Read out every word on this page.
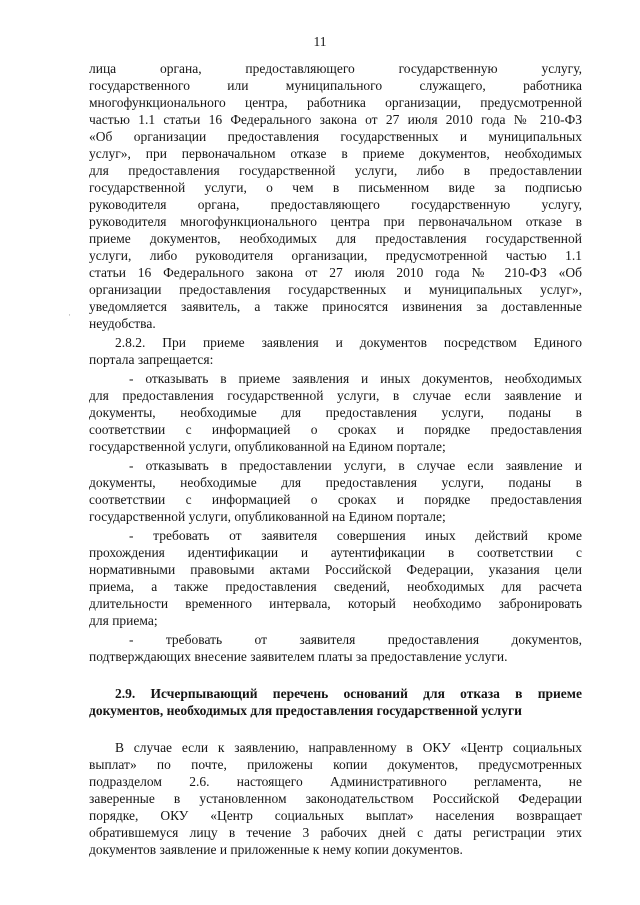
11
·
лица органа, предоставляющего государственную услугу,
государственного или муниципального служащего, работника
многофункционального центра, работника организации, предусмотренной
частью 1.1 статьи 16 Федерального закона от 27 июля 2010 года № 210-ФЗ
«Об организации предоставления государственных и муниципальных
услуг», при первоначальном отказе в приеме документов, необходимых
для предоставления государственной услуги, либо в предоставлении
государственной услуги, о чем в письменном виде за подписью
руководителя органа, предоставляющего государственную услугу,
руководителя многофункционального центра при первоначальном отказе в
приеме документов, необходимых для предоставления государственной
услуги, либо руководителя организации, предусмотренной частью 1.1
статьи 16 Федерального закона от 27 июля 2010 года № 210-ФЗ «Об
организации предоставления государственных и муниципальных услуг»,
уведомляется заявитель, а также приносятся извинения за доставленные
неудобства.
2.8.2. При приеме заявления и документов посредством Единого
портала запрещается:
- отказывать в приеме заявления и иных документов, необходимых
для предоставления государственной услуги, в случае если заявление и
документы, необходимые для предоставления услуги, поданы в
соответствии с информацией о сроках и порядке предоставления
государственной услуги, опубликованной на Едином портале;
- отказывать в предоставлении услуги, в случае если заявление и
документы, необходимые для предоставления услуги, поданы в
соответствии с информацией о сроках и порядке предоставления
государственной услуги, опубликованной на Едином портале;
- требовать от заявителя совершения иных действий кроме
прохождения идентификации и аутентификации в соответствии с
нормативными правовыми актами Российской Федерации, указания цели
приема, а также предоставления сведений, необходимых для расчета
длительности временного интервала, который необходимо забронировать
для приема;
- требовать от заявителя предоставления документов,
подтверждающих внесение заявителем платы за предоставление услуги.
2.9. Исчерпывающий перечень оснований для отказа в приеме
документов, необходимых для предоставления государственной услуги
В случае если к заявлению, направленному в ОКУ «Центр социальных
выплат» по почте, приложены копии документов, предусмотренных
подразделом 2.6. настоящего Административного регламента, не
заверенные в установленном законодательством Российской Федерации
порядке, ОКУ «Центр социальных выплат» населения возвращает
обратившемуся лицу в течение 3 рабочих дней с даты регистрации этих
документов заявление и приложенные к нему копии документов.
